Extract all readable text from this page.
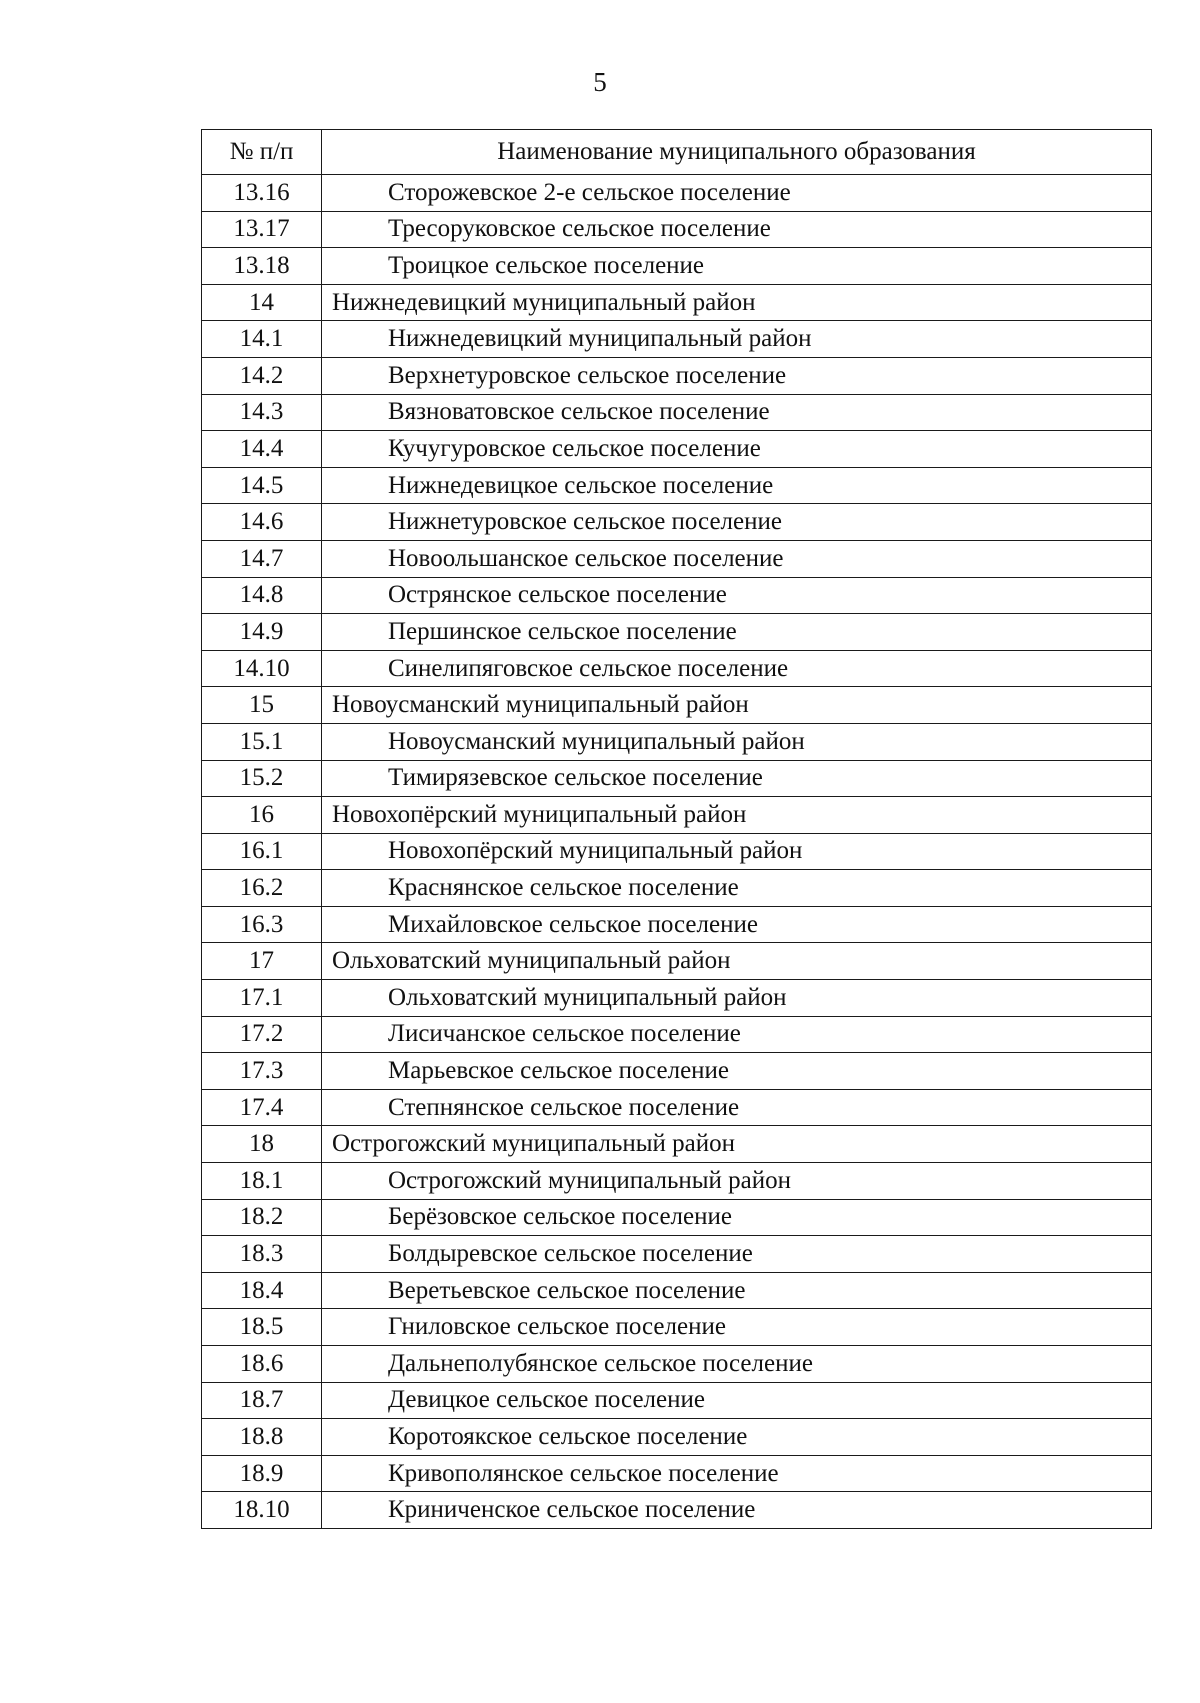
5
№ п/п	Наименование муниципального образования
13.16	Сторожевское 2-е сельское поселение
13.17	Тресоруковское сельское поселение
13.18	Троицкое сельское поселение
14	Нижнедевицкий муниципальный район
14.1	Нижнедевицкий муниципальный район
14.2	Верхнетуровское сельское поселение
14.3	Вязноватовское сельское поселение
14.4	Кучугуровское сельское поселение
14.5	Нижнедевицкое сельское поселение
14.6	Нижнетуровское сельское поселение
14.7	Новоольшанское сельское поселение
14.8	Острянское сельское поселение
14.9	Першинское сельское поселение
14.10	Синелипяговское сельское поселение
15	Новоусманский муниципальный район
15.1	Новоусманский муниципальный район
15.2	Тимирязевское сельское поселение
16	Новохопёрский муниципальный район
16.1	Новохопёрский муниципальный район
16.2	Краснянское сельское поселение
16.3	Михайловское сельское поселение
17	Ольховатский муниципальный район
17.1	Ольховатский муниципальный район
17.2	Лисичанское сельское поселение
17.3	Марьевское сельское поселение
17.4	Степнянское сельское поселение
18	Острогожский муниципальный район
18.1	Острогожский муниципальный район
18.2	Берёзовское сельское поселение
18.3	Болдыревское сельское поселение
18.4	Веретьевское сельское поселение
18.5	Гниловское сельское поселение
18.6	Дальнеполубянское сельское поселение
18.7	Девицкое сельское поселение
18.8	Коротоякское сельское поселение
18.9	Кривополянское сельское поселение
18.10	Криниченское сельское поселение
